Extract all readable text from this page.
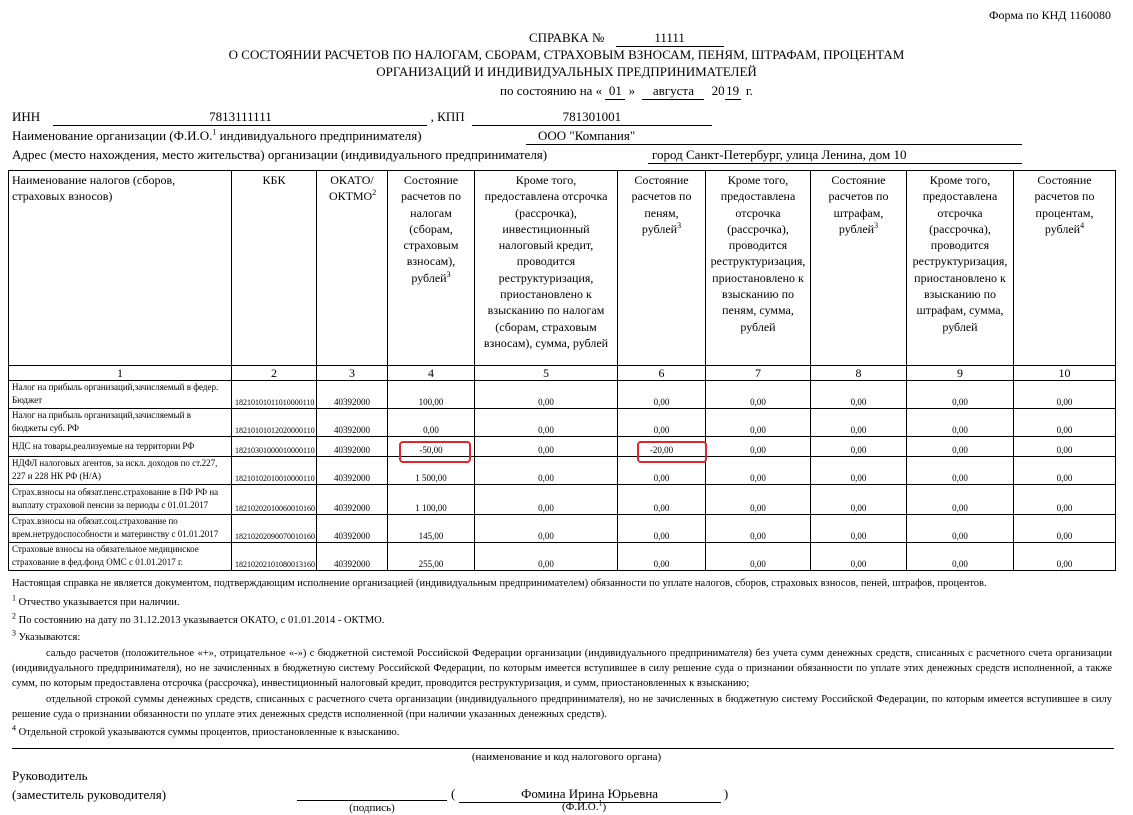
Форма по КНД 1160080
СПРАВКА №	11111
О СОСТОЯНИИ РАСЧЕТОВ ПО НАЛОГАМ, СБОРАМ, СТРАХОВЫМ ВЗНОСАМ, ПЕНЯМ, ШТРАФАМ, ПРОЦЕНТАМ
ОРГАНИЗАЦИЙ И ИНДИВИДУАЛЬНЫХ ПРЕДПРИНИМАТЕЛЕЙ
по состоянию на « 01 » августа 20 19 г.
ИНН	7813111111	, КПП	781301001
Наименование организации (Ф.И.О.$^1$ индивидуального предпринимателя)	ООО "Компания"
Адрес (место нахождения, место жительства) организации (индивидуального предпринимателя)	город Санкт-Петербург, улица Ленина, дом 10
Наименование налогов (сборов, страховых взносов)	КБК	ОКАТО/ ОКТМО$^2$	Состояние расчетов по налогам (сборам, страховым взносам), рублей$^3$	Кроме того, предоставлена отсрочка (рассрочка), инвестиционный налоговый кредит, проводится реструктуризация, приостановлено к взысканию по налогам (сборам, страховым взносам), сумма, рублей	Состояние расчетов по пеням, рублей$^3$	Кроме того, предоставлена отсрочка (рассрочка), проводится реструктуризация, приостановлено к взысканию по пеням, сумма, рублей	Состояние расчетов по штрафам, рублей$^3$	Кроме того, предоставлена отсрочка (рассрочка), проводится реструктуризация, приостановлено к взысканию по штрафам, сумма, рублей	Состояние расчетов по процентам, рублей$^4$
1	2	3	4	5	6	7	8	9	10
Налог на прибыль организаций,зачисляемый в федер. Бюджет	18210101011010000110	40392000	100,00	0,00	0,00	0,00	0,00	0,00	0,00
Налог на прибыль организаций,зачисляемый в бюджеты суб. РФ	18210101012020000110	40392000	0,00	0,00	0,00	0,00	0,00	0,00	0,00
НДС на товары,реализуемые на территории РФ	18210301000010000110	40392000	-50,00	0,00	-20,00	0,00	0,00	0,00	0,00
НДФЛ налоговых агентов, за искл. доходов по ст.227, 227 и 228 НК РФ (Н/А)	18210102010010000110	40392000	1 500,00	0,00	0,00	0,00	0,00	0,00	0,00
Страх.взносы на обязат.пенс.страхование в ПФ РФ на выплату страховой пенсии за периоды с 01.01.2017	18210202010060010160	40392000	1 100,00	0,00	0,00	0,00	0,00	0,00	0,00
Страх.взносы на обязат.соц.страхование по врем.нетрудоспособности и материнству с 01.01.2017	18210202090070010160	40392000	145,00	0,00	0,00	0,00	0,00	0,00	0,00
Страховые взносы на обязательное медицинское страхование в фед.фонд ОМС с 01.01.2017 г.	18210202101080013160	40392000	255,00	0,00	0,00	0,00	0,00	0,00	0,00

Настоящая справка не является документом, подтверждающим исполнение организацией (индивидуальным предпринимателем) обязанности по уплате налогов, сборов, страховых взносов, пеней, штрафов, процентов.

$^1$ Отчество указывается при наличии.

$^2$ По состоянию на дату по 31.12.2013 указывается ОКАТО, с 01.01.2014 - ОКТМО.

$^3$ Указываются:

сальдо расчетов (положительное «+», отрицательное «-») с бюджетной системой Российской Федерации организации (индивидуального предпринимателя) без учета сумм денежных средств, списанных с расчетного счета организации (индивидуального предпринимателя), но не зачисленных в бюджетную систему Российской Федерации, по которым имеется вступившее в силу решение суда о признании обязанности по уплате этих денежных средств исполненной, а также сумм, по которым предоставлена отсрочка (рассрочка), инвестиционный налоговый кредит, проводится реструктуризация, и сумм, приостановленных к взысканию;

отдельной строкой суммы денежных средств, списанных с расчетного счета организации (индивидуального предпринимателя), но не зачисленных в бюджетную систему Российской Федерации, по которым имеется вступившее в силу решение суда о признании обязанности по уплате этих денежных средств исполненной (при наличии указанных денежных средств).

$^4$ Отдельной строкой указываются суммы процентов, приостановленные к взысканию.

(наименование и код налогового органа)
Руководитель
(заместитель руководителя)
(подпись)
(	Фомина Ирина Юрьевна	)
(Ф.И.О.$^1$)
